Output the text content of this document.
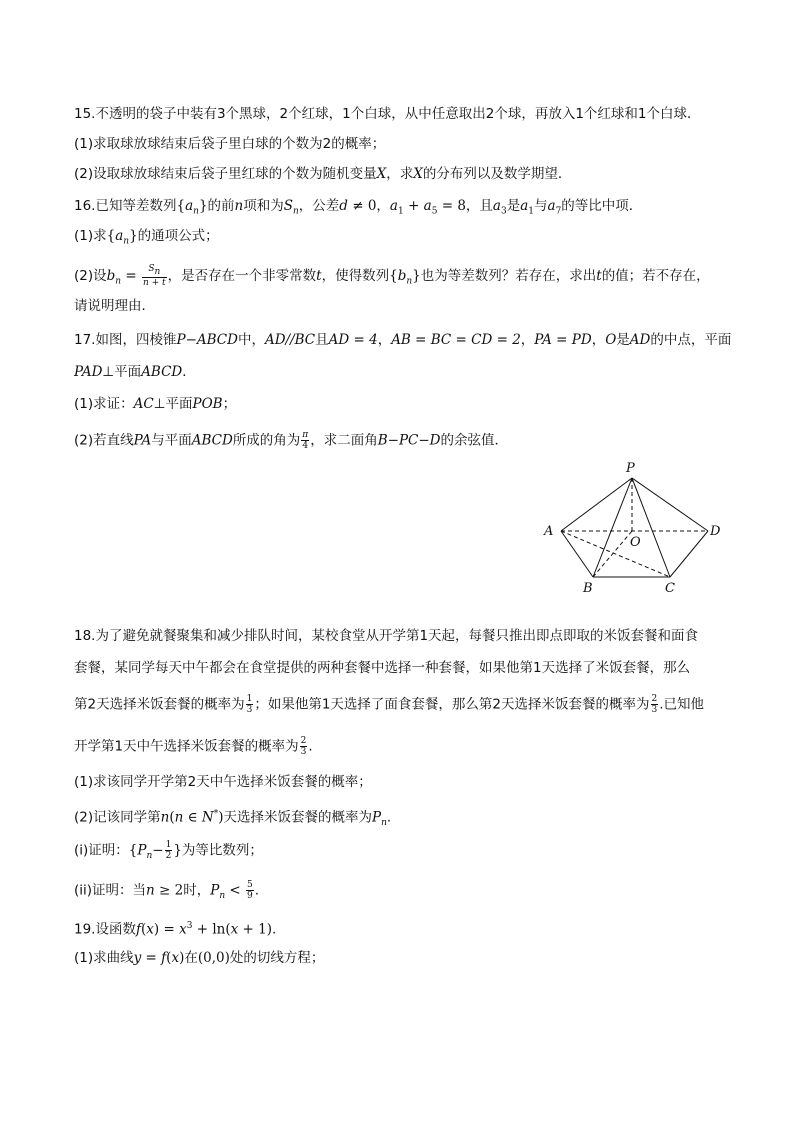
15.不透明的袋子中装有3个黑球，2个红球，1个白球，从中任意取出2个球，再放入1个红球和1个白球．
(1)求取球放球结束后袋子里白球的个数为2的概率；
(2)设取球放球结束后袋子里红球的个数为随机变量X，求X的分布列以及数学期望．
16.已知等差数列$\{a_n\}$的前n项和为$S_n$，公差d ≠ 0，$a_1 + a_5 = 8$，且$a_3$是$a_1$与$a_7$的等比中项．
(1)求$\{a_n\}$的通项公式；
(2)设$b_n = \frac{S_n}{n + t}$ ，是否存在一个非零常数t，使得数列$\{b_n\}$也为等差数列？若存在，求出t的值；若不存在，
请说明理由．
17.如图，四棱锥P−ABCD中，AD//BC且AD = 4，AB = BC = CD = 2，PA = PD，O是AD的中点，平面
PAD⊥平面ABCD．
(1)求证：AC⊥平面POB；
(2)若直线PA与平面ABCD所成的角为 $\frac{\pi}{4}$ ，求二面角B−PC−D的余弦值．
P
A
B	C
D
O
18.为了避免就餐聚集和减少排队时间，某校食堂从开学第1天起，每餐只推出即点即取的米饭套餐和面食
套餐，某同学每天中午都会在食堂提供的两种套餐中选择一种套餐，如果他第1天选择了米饭套餐，那么
第2天选择米饭套餐的概率为 $\frac{1}{3}$ ；如果他第1天选择了面食套餐，那么第2天选择米饭套餐的概率为 $\frac{2}{3}$ .已知他
开学第1天中午选择米饭套餐的概率为 $\frac{2}{3}$ .
(1)求该同学开学第2天中午选择米饭套餐的概率；
(2)记该同学第n(n ∈ N*)天选择米饭套餐的概率为$P_n$.
(i)证明：{$P_n- \frac{1}{2}$ }为等比数列；
(ii)证明：当n ≥ 2时，$P_n < \frac{5}{9}$ .
19.设函数$f(x) = x^3 + \ln(x + 1)$.
(1)求曲线y = f(x)在(0,0)处的切线方程；
